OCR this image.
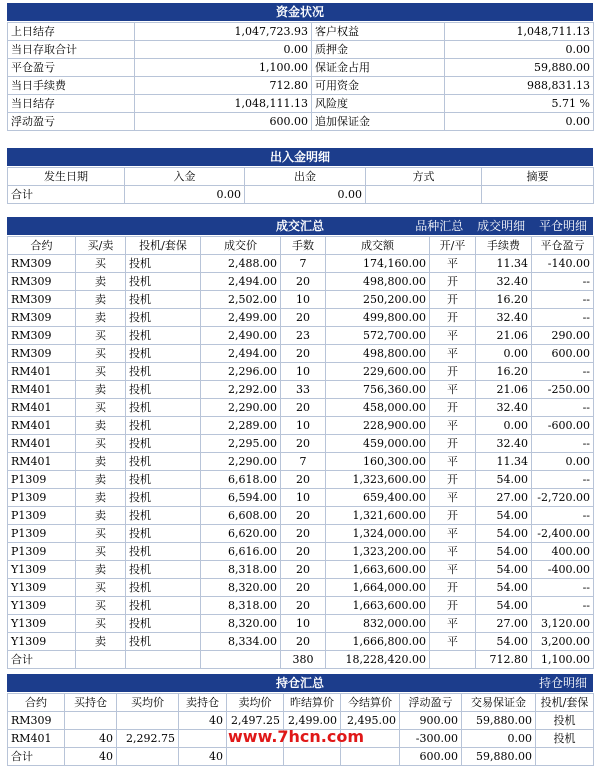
资金状况
上日结存	1,047,723.93	客户权益	1,048,711.13
当日存取合计	0.00	质押金	0.00
平仓盈亏	1,100.00	保证金占用	59,880.00
当日手续费	712.80	可用资金	988,831.13
当日结存	1,048,111.13	风险度	5.71 %
浮动盈亏	600.00	追加保证金	0.00
出入金明细
发生日期	入金	出金	方式	摘要
合计	0.00	0.00		
成交汇总	品种汇总 成交明细 平仓明细
合约	买/卖	投机/套保	成交价	手数	成交额	开/平	手续费	平仓盈亏
RM309	买	投机	2,488.00	7	174,160.00	平	11.34	-140.00
RM309	卖	投机	2,494.00	20	498,800.00	开	32.40	--
RM309	卖	投机	2,502.00	10	250,200.00	开	16.20	--
RM309	卖	投机	2,499.00	20	499,800.00	开	32.40	--
RM309	买	投机	2,490.00	23	572,700.00	平	21.06	290.00
RM309	买	投机	2,494.00	20	498,800.00	平	0.00	600.00
RM401	买	投机	2,296.00	10	229,600.00	开	16.20	--
RM401	卖	投机	2,292.00	33	756,360.00	平	21.06	-250.00
RM401	买	投机	2,290.00	20	458,000.00	开	32.40	--
RM401	卖	投机	2,289.00	10	228,900.00	平	0.00	-600.00
RM401	买	投机	2,295.00	20	459,000.00	开	32.40	--
RM401	卖	投机	2,290.00	7	160,300.00	平	11.34	0.00
P1309	卖	投机	6,618.00	20	1,323,600.00	开	54.00	--
P1309	卖	投机	6,594.00	10	659,400.00	平	27.00	-2,720.00
P1309	卖	投机	6,608.00	20	1,321,600.00	开	54.00	--
P1309	买	投机	6,620.00	20	1,324,000.00	平	54.00	-2,400.00
P1309	买	投机	6,616.00	20	1,323,200.00	平	54.00	400.00
Y1309	卖	投机	8,318.00	20	1,663,600.00	平	54.00	-400.00
Y1309	买	投机	8,320.00	20	1,664,000.00	开	54.00	--
Y1309	买	投机	8,318.00	20	1,663,600.00	开	54.00	--
Y1309	买	投机	8,320.00	10	832,000.00	平	27.00	3,120.00
Y1309	卖	投机	8,334.00	20	1,666,800.00	平	54.00	3,200.00
合计				380	18,228,420.00		712.80	1,100.00
持仓汇总	持仓明细
合约	买持仓	买均价	卖持仓	卖均价	昨结算价	今结算价	浮动盈亏	交易保证金	投机/套保
RM309			40	2,497.25	2,499.00	2,495.00	900.00	59,880.00	投机
RM401	40	2,292.75					-300.00	0.00	投机
合计	40		40				600.00	59,880.00	
www.7hcn.com
